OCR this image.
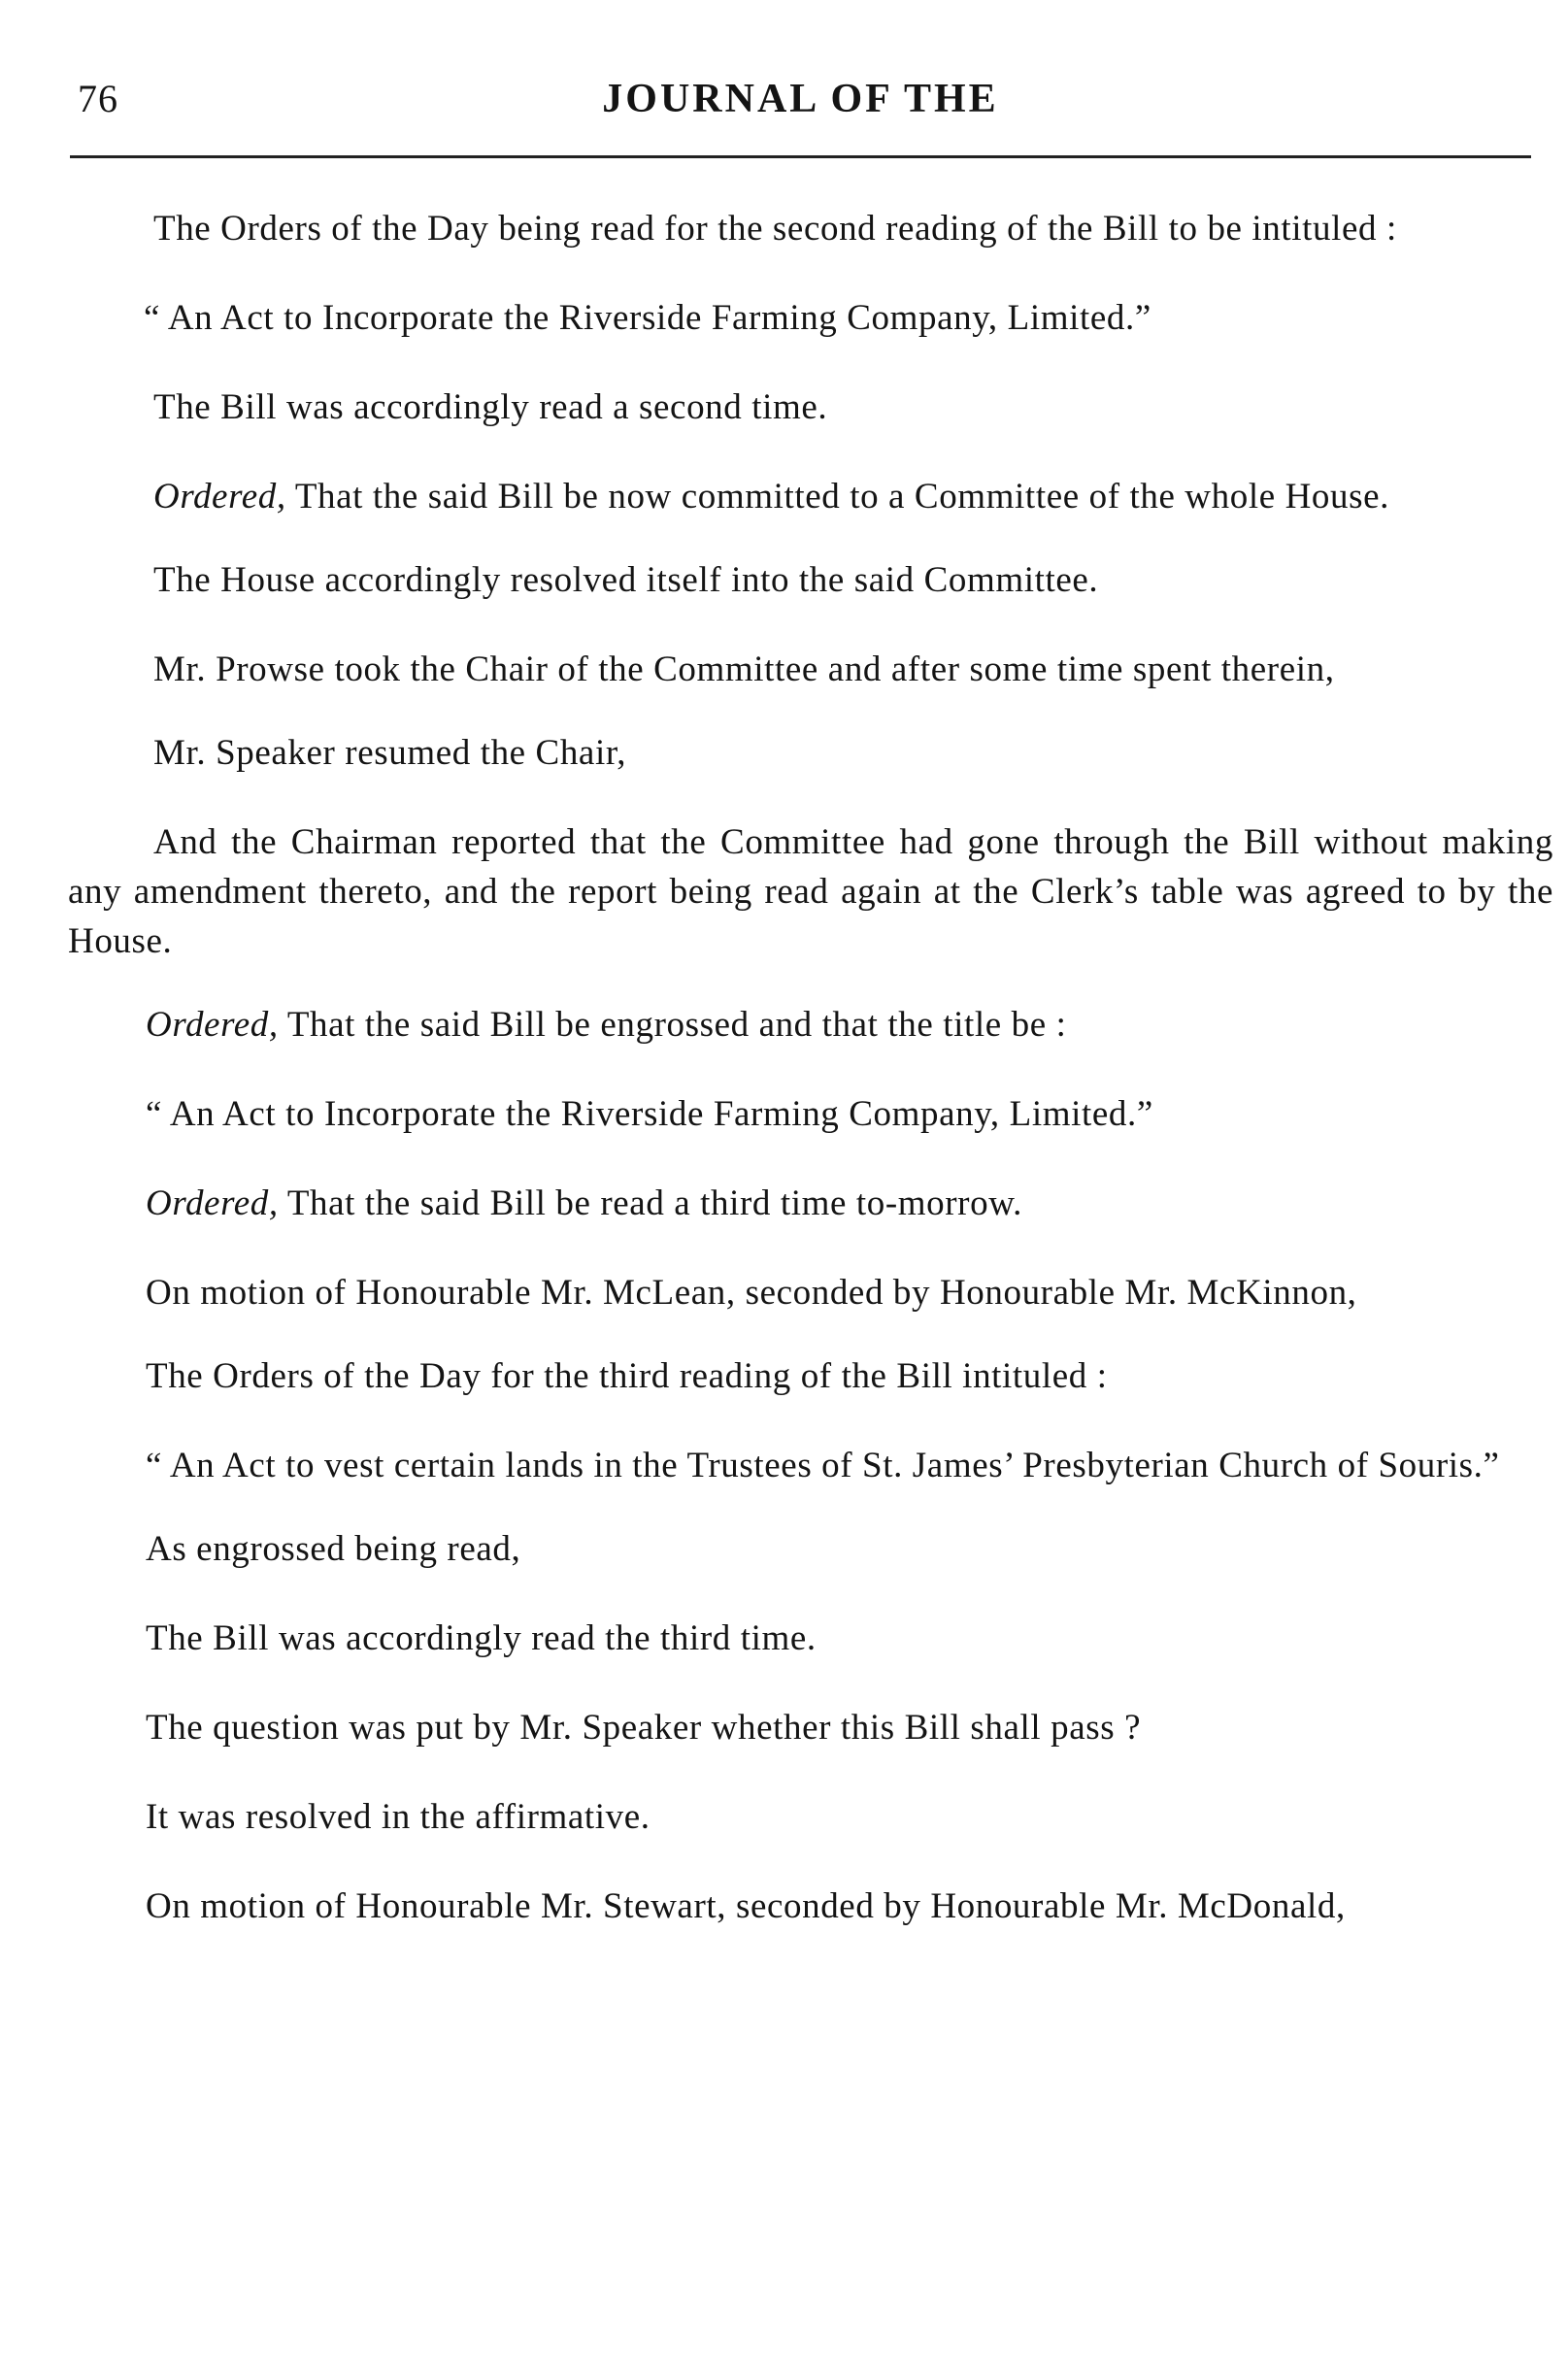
76	JOURNAL OF THE

The Orders of the Day being read for the second reading of the Bill to be intituled :

“ An Act to Incorporate the Riverside Farming Company, Limited.”

The Bill was accordingly read a second time.

Ordered, That the said Bill be now committed to a Committee of the whole House.

The House accordingly resolved itself into the said Committee.

Mr. Prowse took the Chair of the Committee and after some time spent therein,

Mr. Speaker resumed the Chair,

And the Chairman reported that the Committee had gone through the Bill without making any amendment thereto, and the report being read again at the Clerk’s table was agreed to by the House.

Ordered, That the said Bill be engrossed and that the title be :

“ An Act to Incorporate the Riverside Farming Company, Limited.”

Ordered, That the said Bill be read a third time to-morrow.

On motion of Honourable Mr. McLean, seconded by Honourable Mr. McKinnon,

The Orders of the Day for the third reading of the Bill intituled :

“ An Act to vest certain lands in the Trustees of St. James’ Presbyterian Church of Souris.”

As engrossed being read,

The Bill was accordingly read the third time.

The question was put by Mr. Speaker whether this Bill shall pass ?

It was resolved in the affirmative.

On motion of Honourable Mr. Stewart, seconded by Honourable Mr. McDonald,
